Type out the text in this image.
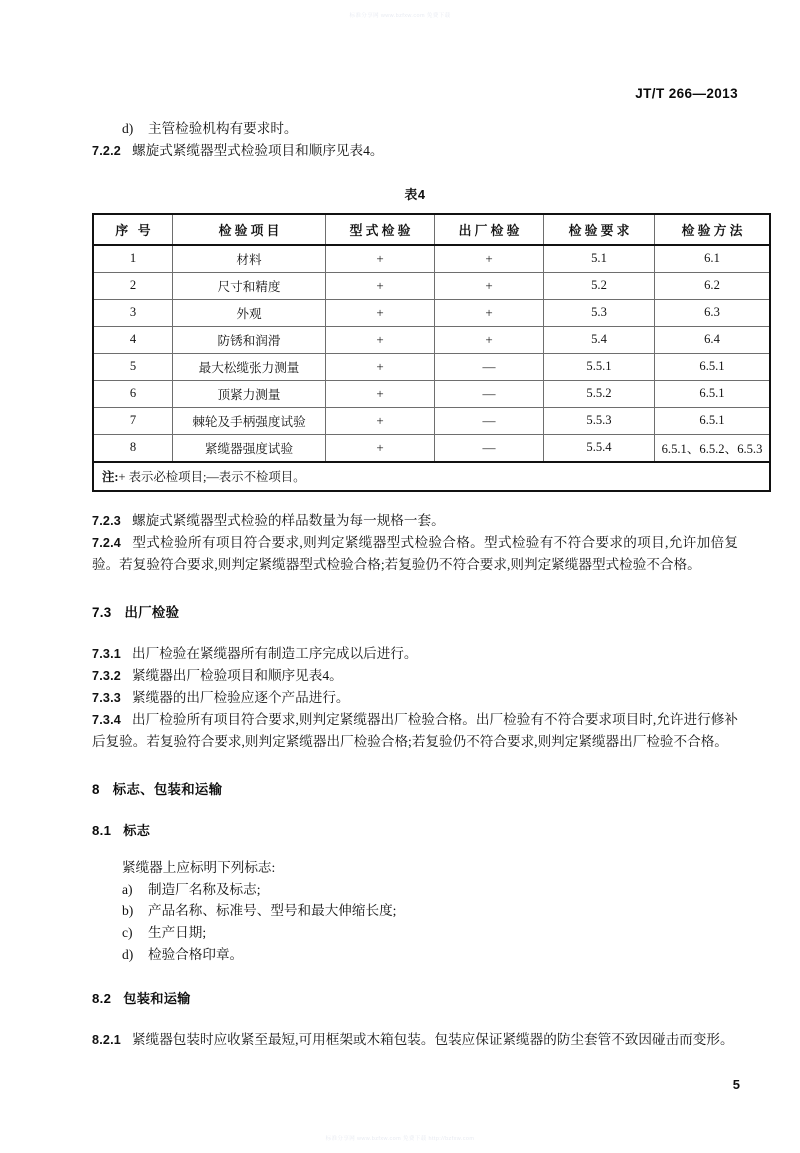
标准分享网 www.bzfxw.com 免费下载
标准分享网 www.bzfxw.com 免费下载 http://bzfxw.com
JT/T 266—2013
d) 主管检验机构有要求时。
7.2.2 螺旋式紧缆器型式检验项目和顺序见表4。
表4
序 号	检验项目	型式检验	出厂检验	检验要求	检验方法
1	材料	+	+	5.1	6.1
2	尺寸和精度	+	+	5.2	6.2
3	外观	+	+	5.3	6.3
4	防锈和润滑	+	+	5.4	6.4
5	最大松缆张力测量	+	—	5.5.1	6.5.1
6	顶紧力测量	+	—	5.5.2	6.5.1
7	棘轮及手柄强度试验	+	—	5.5.3	6.5.1
8	紧缆器强度试验	+	—	5.5.4	6.5.1、6.5.2、6.5.3
注:+ 表示必检项目;—表示不检项目。					
7.2.3 螺旋式紧缆器型式检验的样品数量为每一规格一套。
7.2.4 型式检验所有项目符合要求,则判定紧缆器型式检验合格。型式检验有不符合要求的项目,允许加倍复验。若复验符合要求,则判定紧缆器型式检验合格;若复验仍不符合要求,则判定紧缆器型式检验不合格。
7.3 出厂检验
7.3.1 出厂检验在紧缆器所有制造工序完成以后进行。
7.3.2 紧缆器出厂检验项目和顺序见表4。
7.3.3 紧缆器的出厂检验应逐个产品进行。
7.3.4 出厂检验所有项目符合要求,则判定紧缆器出厂检验合格。出厂检验有不符合要求项目时,允许进行修补后复验。若复验符合要求,则判定紧缆器出厂检验合格;若复验仍不符合要求,则判定紧缆器出厂检验不合格。
8 标志、包装和运输
8.1 标志
紧缆器上应标明下列标志:
a) 制造厂名称及标志;
b) 产品名称、标准号、型号和最大伸缩长度;
c) 生产日期;
d) 检验合格印章。
8.2 包装和运输
8.2.1 紧缆器包装时应收紧至最短,可用框架或木箱包装。包装应保证紧缆器的防尘套管不致因碰击而变形。
5
